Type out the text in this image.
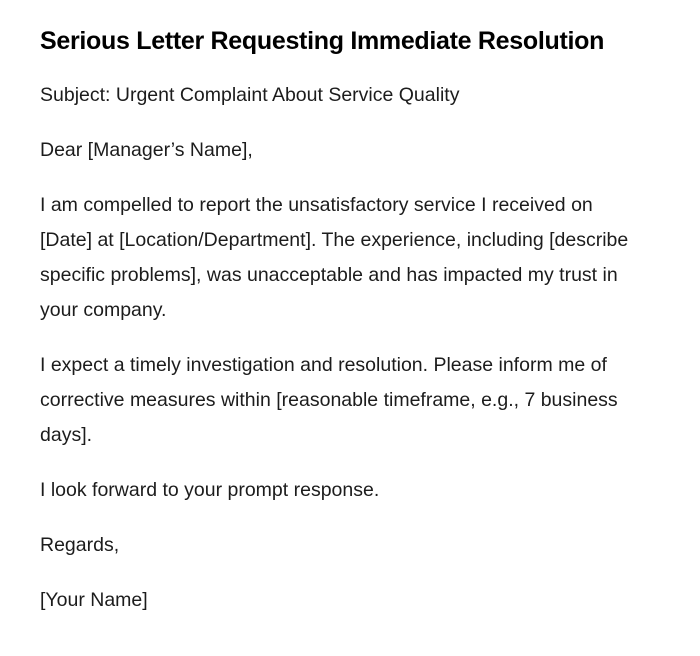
Serious Letter Requesting Immediate Resolution

Subject: Urgent Complaint About Service Quality

Dear [Manager’s Name],

I am compelled to report the unsatisfactory service I received on [Date] at [Location/Department]. The experience, including [describe specific problems], was unacceptable and has impacted my trust in your company.

I expect a timely investigation and resolution. Please inform me of corrective measures within [reasonable timeframe, e.g., 7 business days].

I look forward to your prompt response.

Regards,

[Your Name]
